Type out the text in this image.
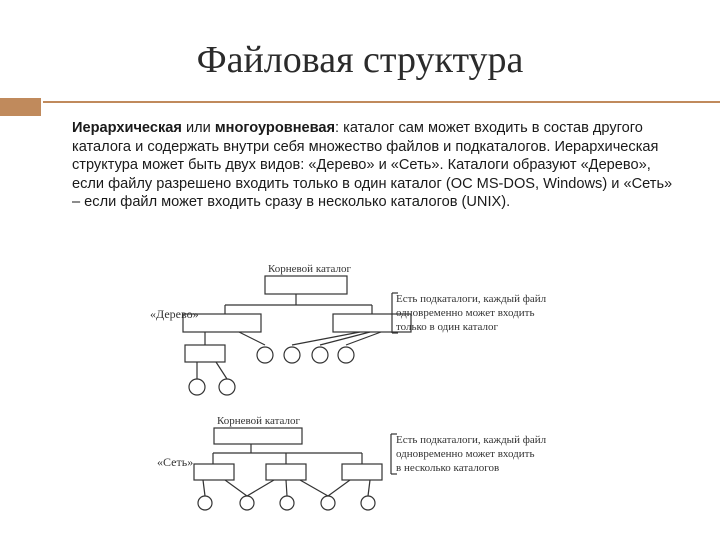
Файловая структура
Иерархическая или многоуровневая: каталог сам может входить в состав другого каталога и содержать внутри себя множество файлов и подкаталогов. Иерархическая структура может быть двух видов: «Дерево» и «Сеть». Каталоги образуют «Дерево», если файлу разрешено входить только в один каталог (ОС MS-DOS, Windows) и «Сеть» – если файл может входить сразу в несколько каталогов (UNIX).
Корневой каталог
«Дерево»
Есть подкаталоги, каждый файл
одновременно может входить
только в один каталог
Корневой каталог
«Сеть»
Есть подкаталоги, каждый файл
одновременно может входить
в несколько каталогов
